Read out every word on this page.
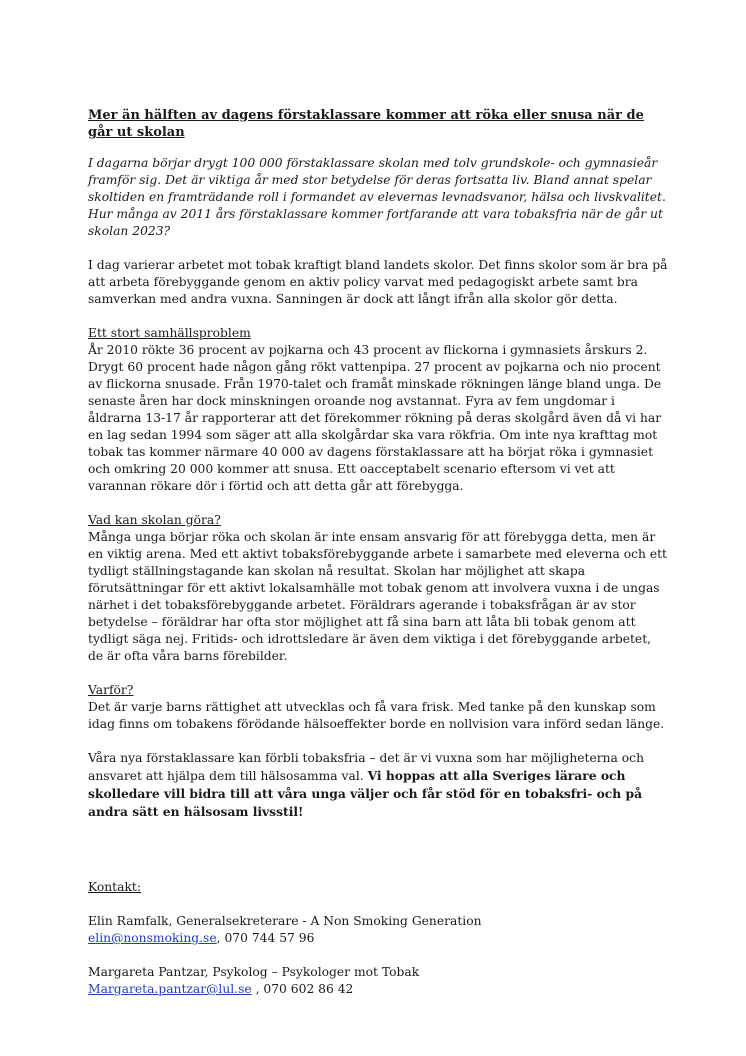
Mer än hälften av dagens förstaklassare kommer att röka eller snusa när de går ut skolan

I dagarna börjar drygt 100 000 förstaklassare skolan med tolv grundskole- och gymnasieår framför sig. Det är viktiga år med stor betydelse för deras fortsatta liv. Bland annat spelar skoltiden en framträdande roll i formandet av elevernas levnadsvanor, hälsa och livskvalitet. Hur många av 2011 års förstaklassare kommer fortfarande att vara tobaksfria när de går ut skolan 2023?

I dag varierar arbetet mot tobak kraftigt bland landets skolor. Det finns skolor som är bra på att arbeta förebyggande genom en aktiv policy varvat med pedagogiskt arbete samt bra samverkan med andra vuxna. Sanningen är dock att långt ifrån alla skolor gör detta.

Ett stort samhällsproblem

År 2010 rökte 36 procent av pojkarna och 43 procent av flickorna i gymnasiets årskurs 2. Drygt 60 procent hade någon gång rökt vattenpipa. 27 procent av pojkarna och nio procent av flickorna snusade. Från 1970-talet och framåt minskade rökningen länge bland unga. De senaste åren har dock minskningen oroande nog avstannat. Fyra av fem ungdomar i åldrarna 13-17 år rapporterar att det förekommer rökning på deras skolgård även då vi har en lag sedan 1994 som säger att alla skolgårdar ska vara rökfria. Om inte nya krafttag mot tobak tas kommer närmare 40 000 av dagens förstaklassare att ha börjat röka i gymnasiet och omkring 20 000 kommer att snusa. Ett oacceptabelt scenario eftersom vi vet att varannan rökare dör i förtid och att detta går att förebygga.

Vad kan skolan göra?

Många unga börjar röka och skolan är inte ensam ansvarig för att förebygga detta, men är en viktig arena. Med ett aktivt tobaksförebyggande arbete i samarbete med eleverna och ett tydligt ställningstagande kan skolan nå resultat. Skolan har möjlighet att skapa förutsättningar för ett aktivt lokalsamhälle mot tobak genom att involvera vuxna i de ungas närhet i det tobaksförebyggande arbetet. Föräldrars agerande i tobaksfrågan är av stor betydelse – föräldrar har ofta stor möjlighet att få sina barn att låta bli tobak genom att tydligt säga nej. Fritids- och idrottsledare är även dem viktiga i det förebyggande arbetet, de är ofta våra barns förebilder.

Varför?

Det är varje barns rättighet att utvecklas och få vara frisk. Med tanke på den kunskap som idag finns om tobakens förödande hälsoeffekter borde en nollvision vara införd sedan länge.

Våra nya förstaklassare kan förbli tobaksfria – det är vi vuxna som har möjligheterna och ansvaret att hjälpa dem till hälsosamma val. Vi hoppas att alla Sveriges lärare och skolledare vill bidra till att våra unga väljer och får stöd för en tobaksfri- och på andra sätt en hälsosam livsstil!

Kontakt:
Elin Ramfalk, Generalsekreterare - A Non Smoking Generation
elin@nonsmoking.se, 070 744 57 96
Margareta Pantzar, Psykolog – Psykologer mot Tobak
Margareta.pantzar@lul.se , 070 602 86 42
